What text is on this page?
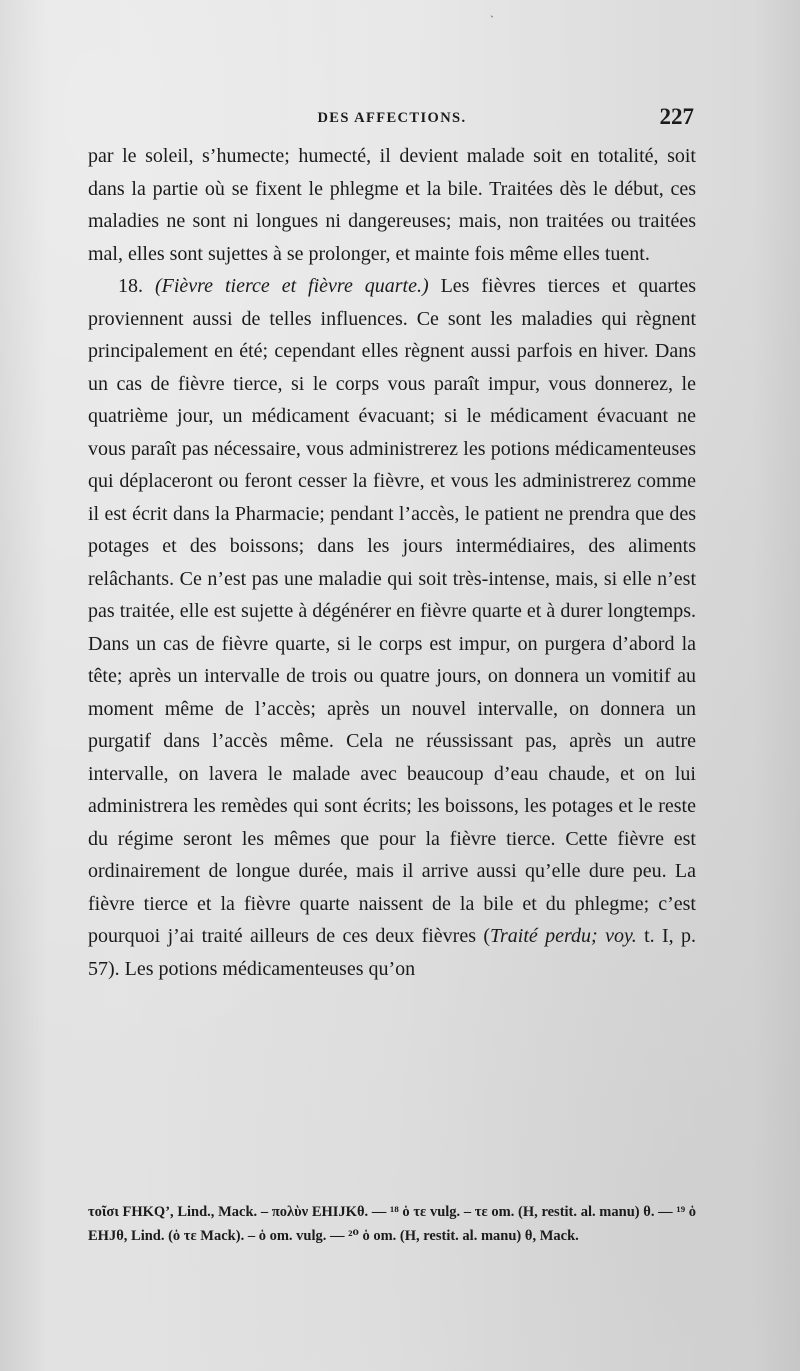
ˎ
DES AFFECTIONS.	227

par le soleil, s’humecte; humecté, il devient malade soit en totalité, soit dans la partie où se fixent le phlegme et la bile. Traitées dès le début, ces maladies ne sont ni longues ni dangereuses; mais, non traitées ou traitées mal, elles sont sujettes à se prolonger, et mainte fois même elles tuent.

18. (Fièvre tierce et fièvre quarte.) Les fièvres tierces et quartes proviennent aussi de telles influences. Ce sont les maladies qui règnent principalement en été; cependant elles règnent aussi parfois en hiver. Dans un cas de fièvre tierce, si le corps vous paraît impur, vous donnerez, le quatrième jour, un médicament évacuant; si le médicament évacuant ne vous paraît pas nécessaire, vous administrerez les potions médicamenteuses qui déplaceront ou feront cesser la fièvre, et vous les administrerez comme il est écrit dans la Pharmacie; pendant l’accès, le patient ne prendra que des potages et des boissons; dans les jours intermédiaires, des aliments relâchants. Ce n’est pas une maladie qui soit très-intense, mais, si elle n’est pas traitée, elle est sujette à dégénérer en fièvre quarte et à durer longtemps. Dans un cas de fièvre quarte, si le corps est impur, on purgera d’abord la tête; après un intervalle de trois ou quatre jours, on donnera un vomitif au moment même de l’accès; après un nouvel intervalle, on donnera un purgatif dans l’accès même. Cela ne réussissant pas, après un autre intervalle, on lavera le malade avec beaucoup d’eau chaude, et on lui administrera les remèdes qui sont écrits; les boissons, les potages et le reste du régime seront les mêmes que pour la fièvre tierce. Cette fièvre est ordinairement de longue durée, mais il arrive aussi qu’elle dure peu. La fièvre tierce et la fièvre quarte naissent de la bile et du phlegme; c’est pourquoi j’ai traité ailleurs de ces deux fièvres (Traité perdu; voy. t. I, p. 57). Les potions médicamenteuses qu’on

τοῖσι FHKQ’, Lind., Mack. – πολὺν EHIJKθ. — ¹⁸ ὁ τε vulg. – τε om. (H, restit. al. manu) θ. — ¹⁹ ὁ EHJθ, Lind. (ὁ τε Mack). – ὁ om. vulg. — ²⁰ ὁ om. (H, restit. al. manu) θ, Mack.
